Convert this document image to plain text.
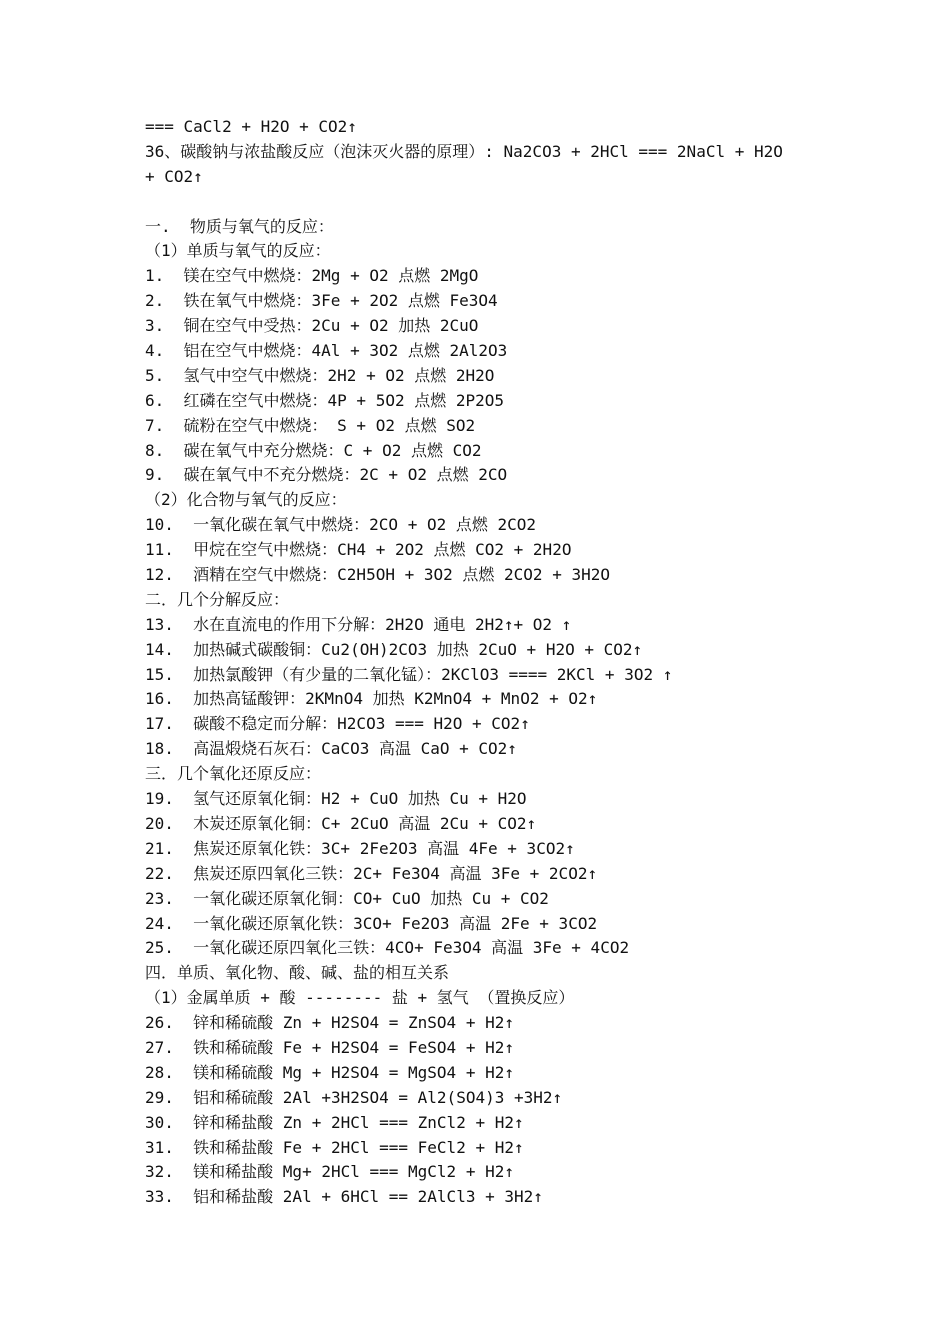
=== CaCl2 + H2O + CO2↑
36、碳酸钠与浓盐酸反应（泡沫灭火器的原理）: Na2CO3 + 2HCl === 2NaCl + H2O
+ CO2↑
一.  物质与氧气的反应：
（1）单质与氧气的反应：
1.  镁在空气中燃烧：2Mg + O2 点燃 2MgO
2.  铁在氧气中燃烧：3Fe + 2O2 点燃 Fe3O4
3.  铜在空气中受热：2Cu + O2 加热 2CuO
4.  铝在空气中燃烧：4Al + 3O2 点燃 2Al2O3
5.  氢气中空气中燃烧：2H2 + O2 点燃 2H2O
6.  红磷在空气中燃烧：4P + 5O2 点燃 2P2O5
7.  硫粉在空气中燃烧： S + O2 点燃 SO2
8.  碳在氧气中充分燃烧：C + O2 点燃 CO2
9.  碳在氧气中不充分燃烧：2C + O2 点燃 2CO
（2）化合物与氧气的反应：
10.  一氧化碳在氧气中燃烧：2CO + O2 点燃 2CO2
11.  甲烷在空气中燃烧：CH4 + 2O2 点燃 CO2 + 2H2O
12.  酒精在空气中燃烧：C2H5OH + 3O2 点燃 2CO2 + 3H2O
二．几个分解反应：
13.  水在直流电的作用下分解：2H2O 通电 2H2↑+ O2 ↑
14.  加热碱式碳酸铜：Cu2(OH)2CO3 加热 2CuO + H2O + CO2↑
15.  加热氯酸钾（有少量的二氧化锰）：2KClO3 ==== 2KCl + 3O2 ↑
16.  加热高锰酸钾：2KMnO4 加热 K2MnO4 + MnO2 + O2↑
17.  碳酸不稳定而分解：H2CO3 === H2O + CO2↑
18.  高温煅烧石灰石：CaCO3 高温 CaO + CO2↑
三．几个氧化还原反应：
19.  氢气还原氧化铜：H2 + CuO 加热 Cu + H2O
20.  木炭还原氧化铜：C+ 2CuO 高温 2Cu + CO2↑
21.  焦炭还原氧化铁：3C+ 2Fe2O3 高温 4Fe + 3CO2↑
22.  焦炭还原四氧化三铁：2C+ Fe3O4 高温 3Fe + 2CO2↑
23.  一氧化碳还原氧化铜：CO+ CuO 加热 Cu + CO2
24.  一氧化碳还原氧化铁：3CO+ Fe2O3 高温 2Fe + 3CO2
25.  一氧化碳还原四氧化三铁：4CO+ Fe3O4 高温 3Fe + 4CO2
四．单质、氧化物、酸、碱、盐的相互关系
（1）金属单质 + 酸 -------- 盐 + 氢气 （置换反应）
26.  锌和稀硫酸 Zn + H2SO4 = ZnSO4 + H2↑
27.  铁和稀硫酸 Fe + H2SO4 = FeSO4 + H2↑
28.  镁和稀硫酸 Mg + H2SO4 = MgSO4 + H2↑
29.  铝和稀硫酸 2Al +3H2SO4 = Al2(SO4)3 +3H2↑
30.  锌和稀盐酸 Zn + 2HCl === ZnCl2 + H2↑
31.  铁和稀盐酸 Fe + 2HCl === FeCl2 + H2↑
32.  镁和稀盐酸 Mg+ 2HCl === MgCl2 + H2↑
33.  铝和稀盐酸 2Al + 6HCl == 2AlCl3 + 3H2↑
